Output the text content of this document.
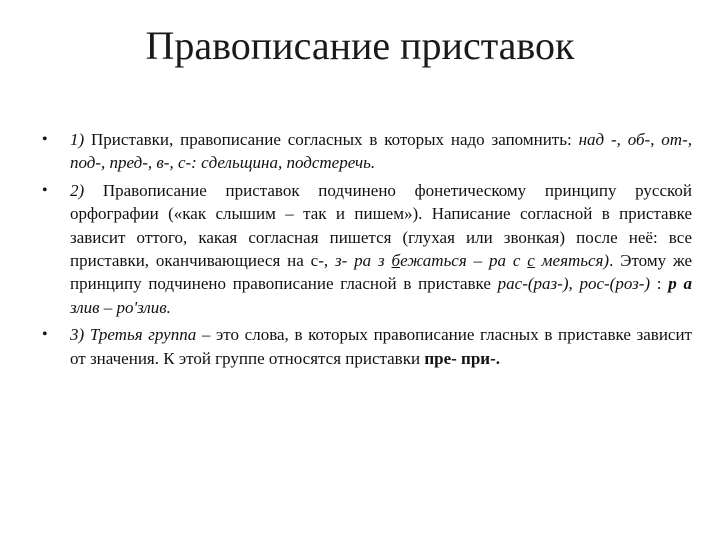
Правописание приставок
• 1) Приставки, правописание согласных в которых надо запомнить: над -, об-, от-, под-, пред-, в-, с-: сдельщина, подстеречь.
• 2) Правописание приставок подчинено фонетическому принципу русской орфографии («как слышим – так и пишем»). Написание согласной в приставке зависит оттого, какая согласная пишется (глухая или звонкая) после неё: все приставки, оканчивающиеся на с-, з- ра з бежаться – ра с с меяться). Этому же принципу подчинено правописание гласной в приставке рас-(раз-), рос-(роз-) : р а злив – ро'злив.
• 3) Третья группа – это слова, в которых правописание гласных в приставке зависит от значения. К этой группе относятся приставки пре- при-.
